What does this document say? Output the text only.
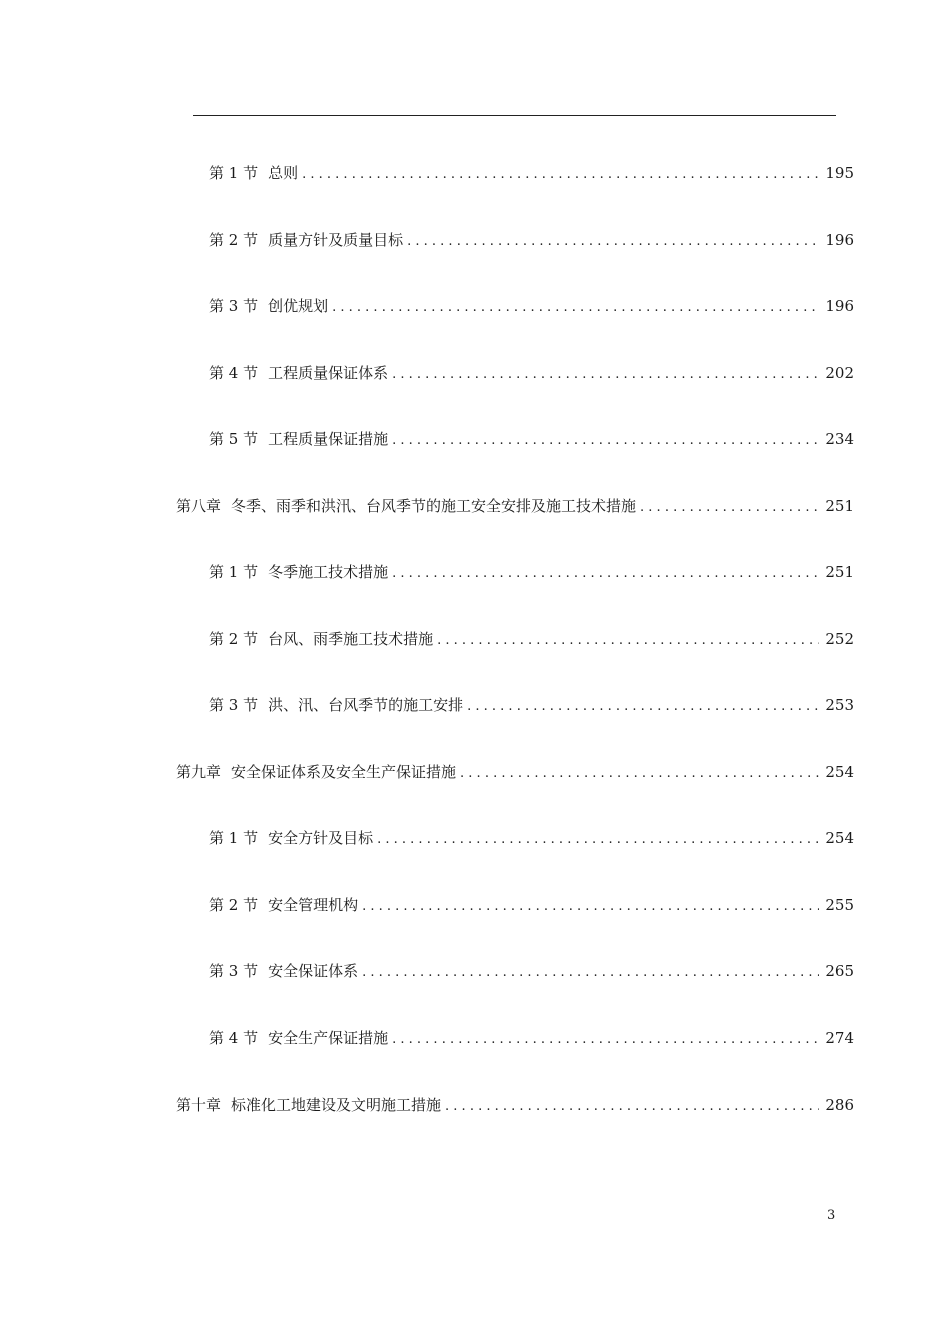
第 1 节 总则 . . .	195
第 2 节 质量方针及质量目标 . . .	196
第 3 节 创优规划 . . .	196
第 4 节 工程质量保证体系 . . .	202
第 5 节 工程质量保证措施 . . .	234
第八章 冬季、雨季和洪汛、台风季节的施工安全安排及施工技术措施 . . .	251
第 1 节 冬季施工技术措施 . . .	251
第 2 节 台风、雨季施工技术措施 . . .	252
第 3 节 洪、汛、台风季节的施工安排 . . .	253
第九章 安全保证体系及安全生产保证措施 . . .	254
第 1 节 安全方针及目标 . . .	254
第 2 节 安全管理机构 . . .	255
第 3 节 安全保证体系 . . .	265
第 4 节 安全生产保证措施 . . .	274
第十章 标准化工地建设及文明施工措施 . . .	286
3
